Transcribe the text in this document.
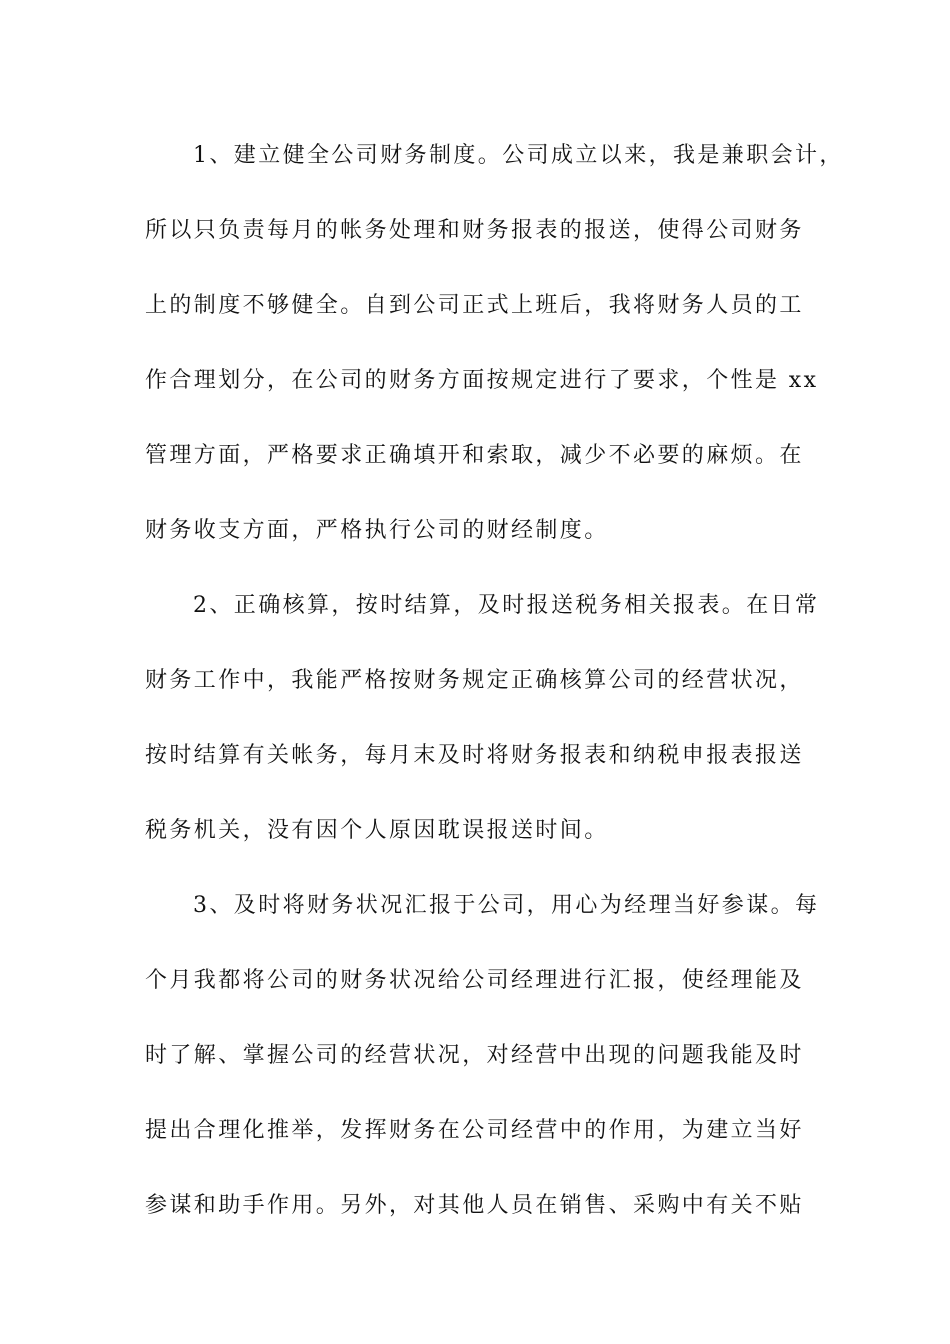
1、建立健全公司财务制度。公司成立以来，我是兼职会计，
所以只负责每月的帐务处理和财务报表的报送，使得公司财务
上的制度不够健全。自到公司正式上班后，我将财务人员的工
作合理划分，在公司的财务方面按规定进行了要求，个性是 xx
管理方面，严格要求正确填开和索取，减少不必要的麻烦。在
财务收支方面，严格执行公司的财经制度。
2、正确核算，按时结算，及时报送税务相关报表。在日常
财务工作中，我能严格按财务规定正确核算公司的经营状况，
按时结算有关帐务，每月末及时将财务报表和纳税申报表报送
税务机关，没有因个人原因耽误报送时间。
3、及时将财务状况汇报于公司，用心为经理当好参谋。每
个月我都将公司的财务状况给公司经理进行汇报，使经理能及
时了解、掌握公司的经营状况，对经营中出现的问题我能及时
提出合理化推举，发挥财务在公司经营中的作用，为建立当好
参谋和助手作用。另外，对其他人员在销售、采购中有关不贴
